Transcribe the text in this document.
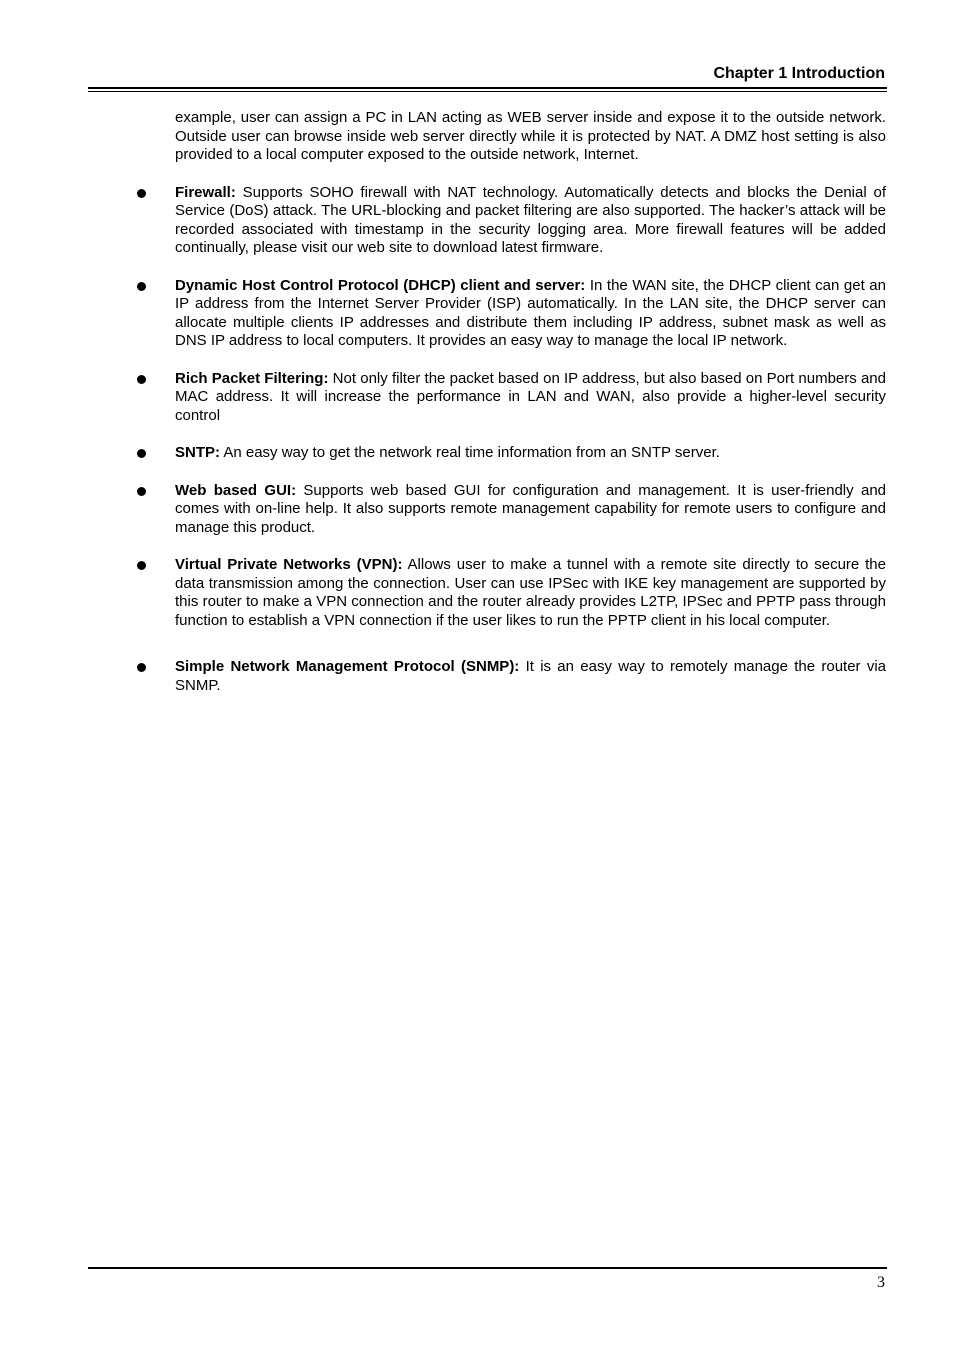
Chapter 1 Introduction

example, user can assign a PC in LAN acting as WEB server inside and expose it to the outside network. Outside user can browse inside web server directly while it is protected by NAT. A DMZ host setting is also provided to a local computer exposed to the outside network, Internet.

Firewall: Supports SOHO firewall with NAT technology. Automatically detects and blocks the Denial of Service (DoS) attack. The URL-blocking and packet filtering are also supported. The hacker’s attack will be recorded associated with timestamp in the security logging area. More firewall features will be added continually, please visit our web site to download latest firmware.

Dynamic Host Control Protocol (DHCP) client and server: In the WAN site, the DHCP client can get an IP address from the Internet Server Provider (ISP) automatically. In the LAN site, the DHCP server can allocate multiple clients IP addresses and distribute them including IP address, subnet mask as well as DNS IP address to local computers. It provides an easy way to manage the local IP network.

Rich Packet Filtering: Not only filter the packet based on IP address, but also based on Port numbers and MAC address. It will increase the performance in LAN and WAN, also provide a higher-level security control

SNTP: An easy way to get the network real time information from an SNTP server.

Web based GUI: Supports web based GUI for configuration and management. It is user-friendly and comes with on-line help. It also supports remote management capability for remote users to configure and manage this product.

Virtual Private Networks (VPN): Allows user to make a tunnel with a remote site directly to secure the data transmission among the connection. User can use IPSec with IKE key management are supported by this router to make a VPN connection and the router already provides L2TP, IPSec and PPTP pass through function to establish a VPN connection if the user likes to run the PPTP client in his local computer.

Simple Network Management Protocol (SNMP): It is an easy way to remotely manage the router via SNMP.

3
